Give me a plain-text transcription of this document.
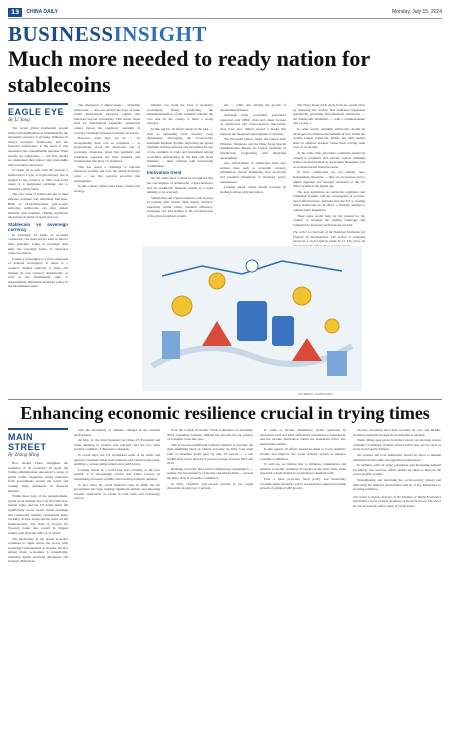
13	CHINA DAILY	Monday, July 15, 2024
BUSINESSINSIGHT
Much more needed to ready nation for stablecoins
EAGLE EYE
By Li Yang

The recent global momentum around stablecoins highlights how fundamentally the alternative currency is growing. Influence in today's economy. Stablecoins, and the financial architecture, at the heart of this discussion lies a fundamental question: What exactly are stablecoins — and how should we understand their impact and relationship with sovereign currencies?

To begin, let us start with the concept: a stablecoin is a type of cryptocurrency that is pegged to the currency or other real-world assets at a designated exchange rate to maintain a stable value.

The core value of stablecoins lies in their efficient payment and settlement functions. Built on blockchain-based peer-to-peer networks, stablecoins can offer almost instantly open payment, offering significant advantages in terms of speed and cost.

Stablecoin vs sovereign currency

In analyzing all forms of so-called 'currencies', one must always keep in mind a basic principle: acting as sovereign state mint, the sovereign nature of currencies cannot be altered.

Currency sovereignty is a vital component of national sovereignty. It refers to a country's highest authority to issue and manage its own currency domestically, as well as the fundamental right to independently implement monetary policy in the international arena.

The emergence of digital assets — including stablecoins — does not subvert the logic of some sound international monetary regime that functions beyond sovereignty. That means when used for international payments, stablecoins cannot bypass the regulatory oversight of currency exchange between sovereign currencies.

However, what they can do — by strengthening their role in payments — is progressively erode the functional role of sovereign currencies, given that payments and settlement represent the most essential and irreplaceable functions of currencies.

This has posed a challenge to national monetary systems and even the global monetary order — one that warrants proactive risk management.

In this context, China must adopt a dual-track strategy.

libraries can avoid the issue of monetary sovereignty, firmly promoting the internationalization of the renminbi remains the core task for the country to build a strong currency.

In this regard, all efforts made in the past — such as expanding local currency swap agreements, developing the Cross-border Interbank Payment System, improving the global renminbi clearing network and increasing the use of the renminbi in trade and investment among economies participating in the Belt and Road Initiative — must continue with unwavering commitment.

Innovation trend

On the other hand, it must be recognized that the convergence of stablecoins, cryptocurrencies and the traditional financial system is a trend unlikely to be reversed.

Stablecoins and cryptocurrencies will develop in tandem with central bank digital currency, especially within China, potential efficiency, reshaping cost and leading to the reconstruction of the global payment system.

ties — while also driving the growth of decentralized finance.

Although some economies previously supported only CBDC trials and others focused on stablecoins and cryptocurrency innovation, most have now shifted toward a model that supports the integrated development of all three.

The European Union, Japan, the United Arab Emirates, Singapore and the Hong Kong Special Administrative Region are typical examples of jurisdictions progressing with integrated development.

Any advancement in stablecoins must also address risks such as sovereign currency substitution, money laundering, user protection and potential disruptions to monetary policy transmission.

Looking ahead, China should leverage its leading position with innovation.

The Hong Kong SAR starts from an overall view by nurturing the world's first dedicated legislation specifically governing fiat-referenced stablecoins — the Stablecoins Ordinance — with a commencement date of Aug 1.

In other words, renminbi stablecoins should be developed via offshore mechanisms in fact. While the world's largest stablecoin, Tether, has built market share in offshore markets, China must actively seek ways to avoid risk.

At the same time, favorable conditions should be created to prudently and actively explore renminbi stablecoin development by leveraging Shanghai's role as an international financial center.

In short, stablecoins are not entirely new. Independent currencies — they are, in essence, tied to digital upgrades and strategic extension of the US dollar system in the digital age.

The new legislation on stablecoin regulation and settlement systems, and the convergence of account-based infrastructure, indicates that the US is treating dollar stablecoins as, in effect, a strategic attempt to cement dollar hegemony.

There steps would help lay the ground for the country to navigate the shifting landscape and safeguard its monetary and financial security.

The writer is chairman of the National Institution for Finance & Development. The article is compiled based on a recent speech made by Li. The views do
CAI MENG / CHINA DAILY
Enhancing economic resilience crucial in trying times
MAIN STREET
By Zhang Ming

How should China strengthen the resilience of its economy? In April, the Trump administration announced a range of global tariffs, triggering strong responses from governments around the world and causing sharp turbulence in financial markets.

Within three days of the announcement, global stock markets lost over $10 trillion in market value, and the US dollar index fell significantly across board, bonds exchange and commodity markets experienced sharp volatility. Stocks, bonds and the dollar all fell simultaneously. The yield on 10-year US Treasury bonds also posted its biggest weekly gain since the 2001, 9-11 attack.

The uncertainty in the global economy continues to ripple across the world, with escalating confrontations at all sides. Rivalry among major economies is intensifying, reflecting deeper structural divergence and strategic differences.

with the uncertainty of dramatic changes in the external environment.

On May 12, the Joint Statement on China–US Economic and Trade Meeting in Geneva was released, and the two sides reached a number of important consensus.

In recent days, the US invalidated some of its tariffs and agreed to maintain stable trade relations; and China reciprocated, enabling a corresponding reduction in tariff levels.

Looking ahead, in a world that sees volatility as the new normal, it is increasingly crucial that China focuses on maintaining economic stability and boosting domestic demand.

In fact, since the world financial crisis in 2008, the US government has been running significant deficits and imposing extreme restrictions on China in both trade and technology sectors.

from the Central Economic Work Conference in December 2024, expanding domestic demand has become the top priority of economic work this year.

This is because insufficient domestic demand is currently the main stumbling block in China's economy. In 2024, total retail sales of consumer goods grew by only 3.5 percent — a rate significantly lower than the 8 percent average between 2015 and 2019.

Breaking down the three factors influencing consumption — namely, the inconsistency of income and employment — reveals the sharp drop in consumer confidence.

In 2025, residents' year-on-year growth in per capita disposable income was 5 percent.

In terms of income distribution, profits generated by enterprises have not been sufficiently transferred to households, and the income distribution within the household sector also needs improvement.

In this regard, all efforts should be made to boost residents' income and improve the social security system to enhance consumer confidence.

To sum up, we believe that to stimulate consumption and enhance economic resilience is needed in the short term, while structural reform should be accelerated to medium term.

First, a more proactive fiscal policy and moderately accommodative monetary policy are needed to support the stable growth of nominal GDP growth.

Second, increasing short-term incomes for low- and middle-income households through fiscal subsidies is advised.

Third, lifting asset prices from the bottom can also help restore consumer confidence. Policies should bolster key sectors such as stock and property markets.

All policies and loan institutions should be lifted to unleash demand from first-time and upgrading homebuyers.

In addition, with an aging population and increasing demand for elderly care services, efforts should be taken to improve the social security system.

Strengthening and reforming the social-security system and improving the business environment will be of key importance to boosting resilience.

The writer is deputy director of the Institute of World Economics and Politics of the Chinese Academy of Social Sciences. The views do not necessarily reflect those of China Daily.
